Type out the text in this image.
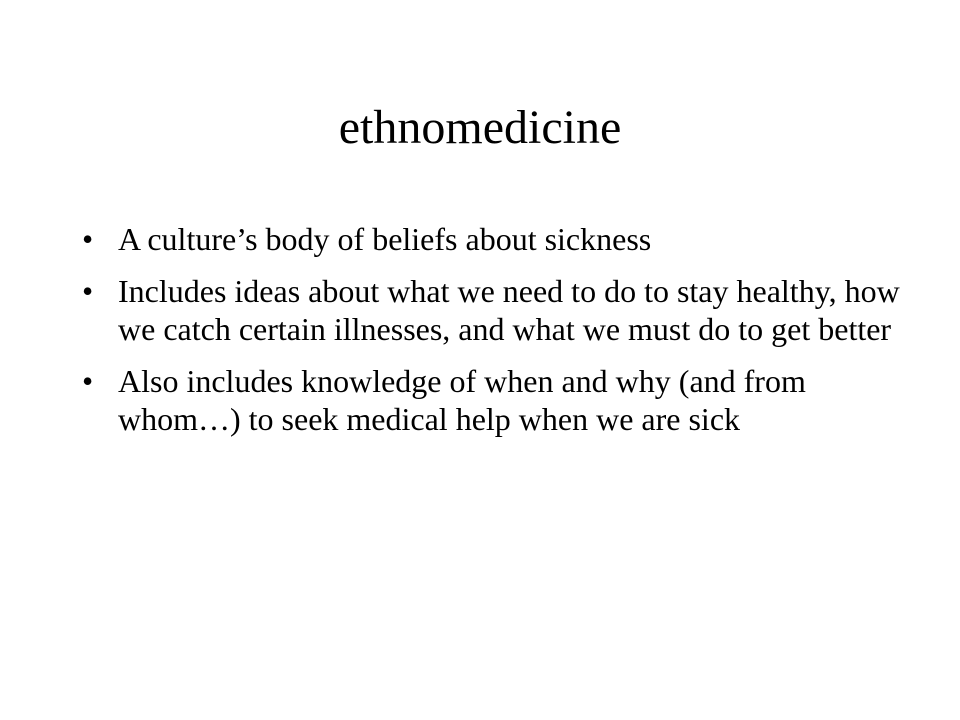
ethnomedicine
• A culture’s body of beliefs about sickness
• Includes ideas about what we need to do to stay healthy, how we catch certain illnesses, and what we must do to get better
• Also includes knowledge of when and why (and from whom…) to seek medical help when we are sick
